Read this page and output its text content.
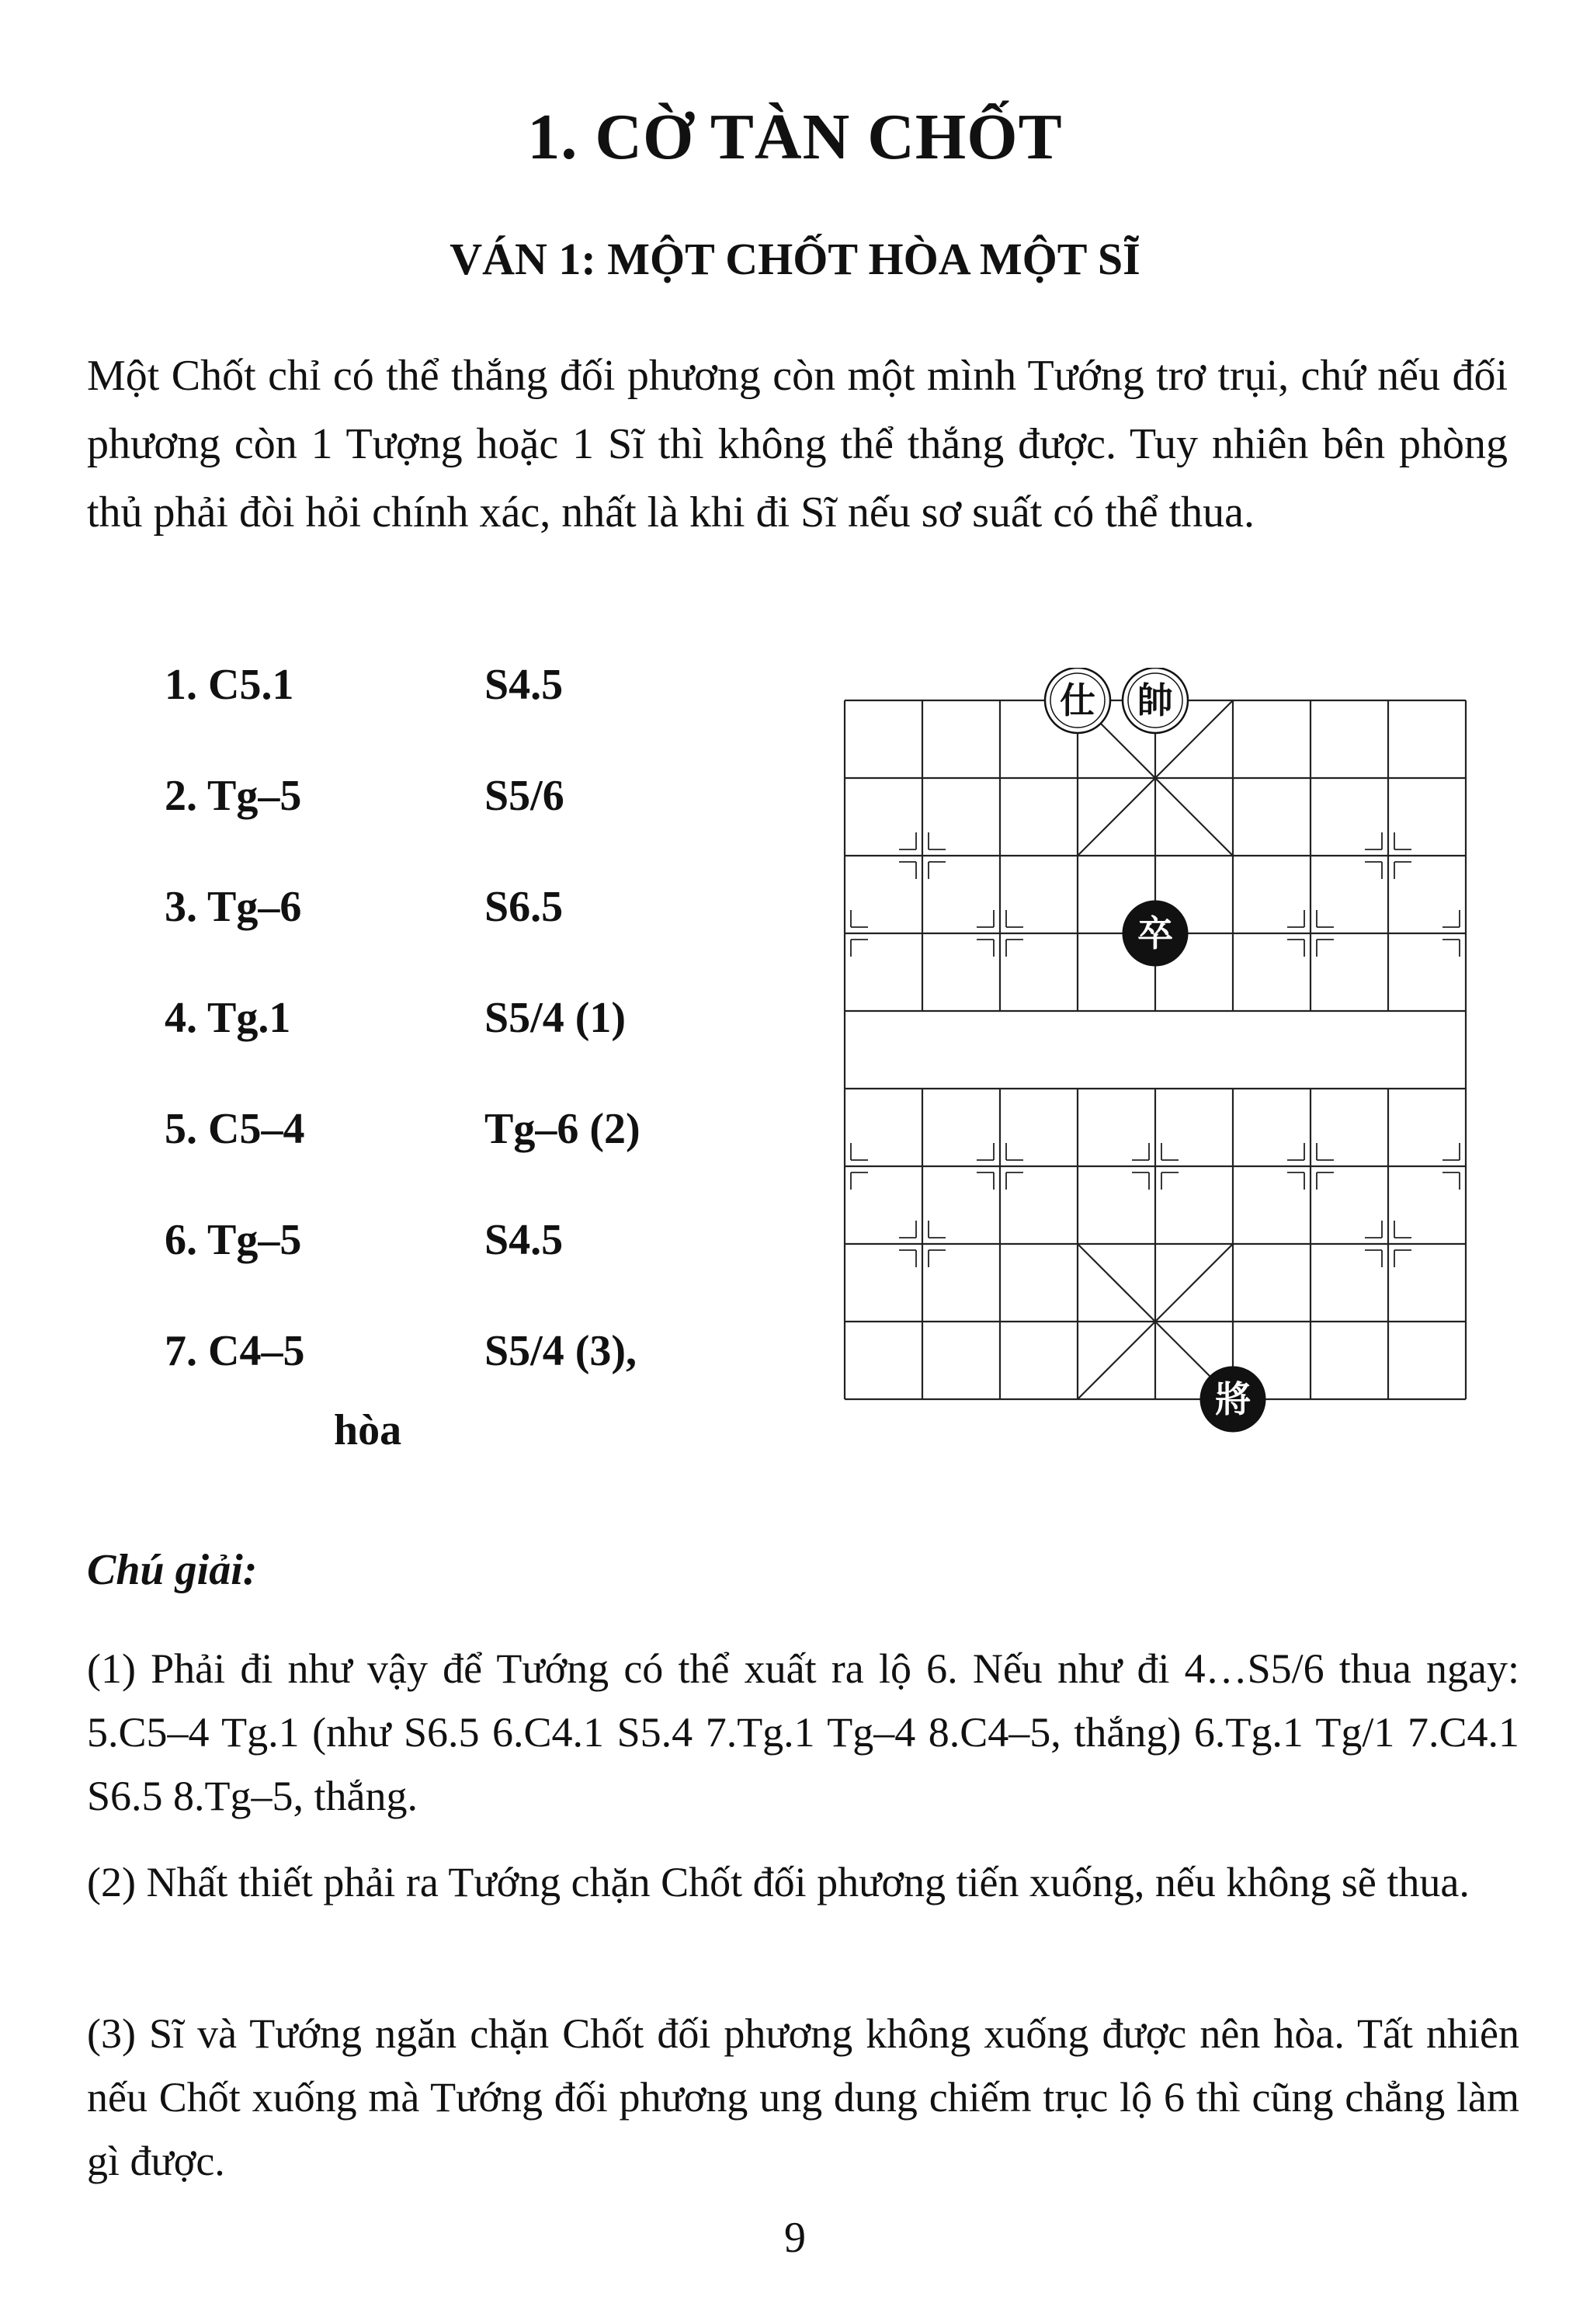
1. CỜ TÀN CHỐT
VÁN 1: MỘT CHỐT HÒA MỘT SĨ
Một Chốt chỉ có thể thắng đối phương còn một mình Tướng trơ trụi, chứ nếu đối phương còn 1 Tượng hoặc 1 Sĩ thì không thể thắng được. Tuy nhiên bên phòng thủ phải đòi hỏi chính xác, nhất là khi đi Sĩ nếu sơ suất có thể thua.
1. C5.1	S4.5
2. Tg–5	S5/6
3. Tg–6	S6.5
4. Tg.1	S5/4 (1)
5. C5–4	Tg–6 (2)
6. Tg–5	S4.5
7. C4–5	S5/4 (3),
hòa
仕 帥
卒
將
Chú giải:
(1) Phải đi như vậy để Tướng có thể xuất ra lộ 6. Nếu như đi 4…S5/6 thua ngay: 5.C5–4 Tg.1 (như S6.5 6.C4.1 S5.4 7.Tg.1 Tg–4 8.C4–5, thắng) 6.Tg.1 Tg/1 7.C4.1 S6.5 8.Tg–5, thắng.
(2) Nhất thiết phải ra Tướng chặn Chốt đối phương tiến xuống, nếu không sẽ thua.
(3) Sĩ và Tướng ngăn chặn Chốt đối phương không xuống được nên hòa. Tất nhiên nếu Chốt xuống mà Tướng đối phương ung dung chiếm trục lộ 6 thì cũng chẳng làm gì được.
9
